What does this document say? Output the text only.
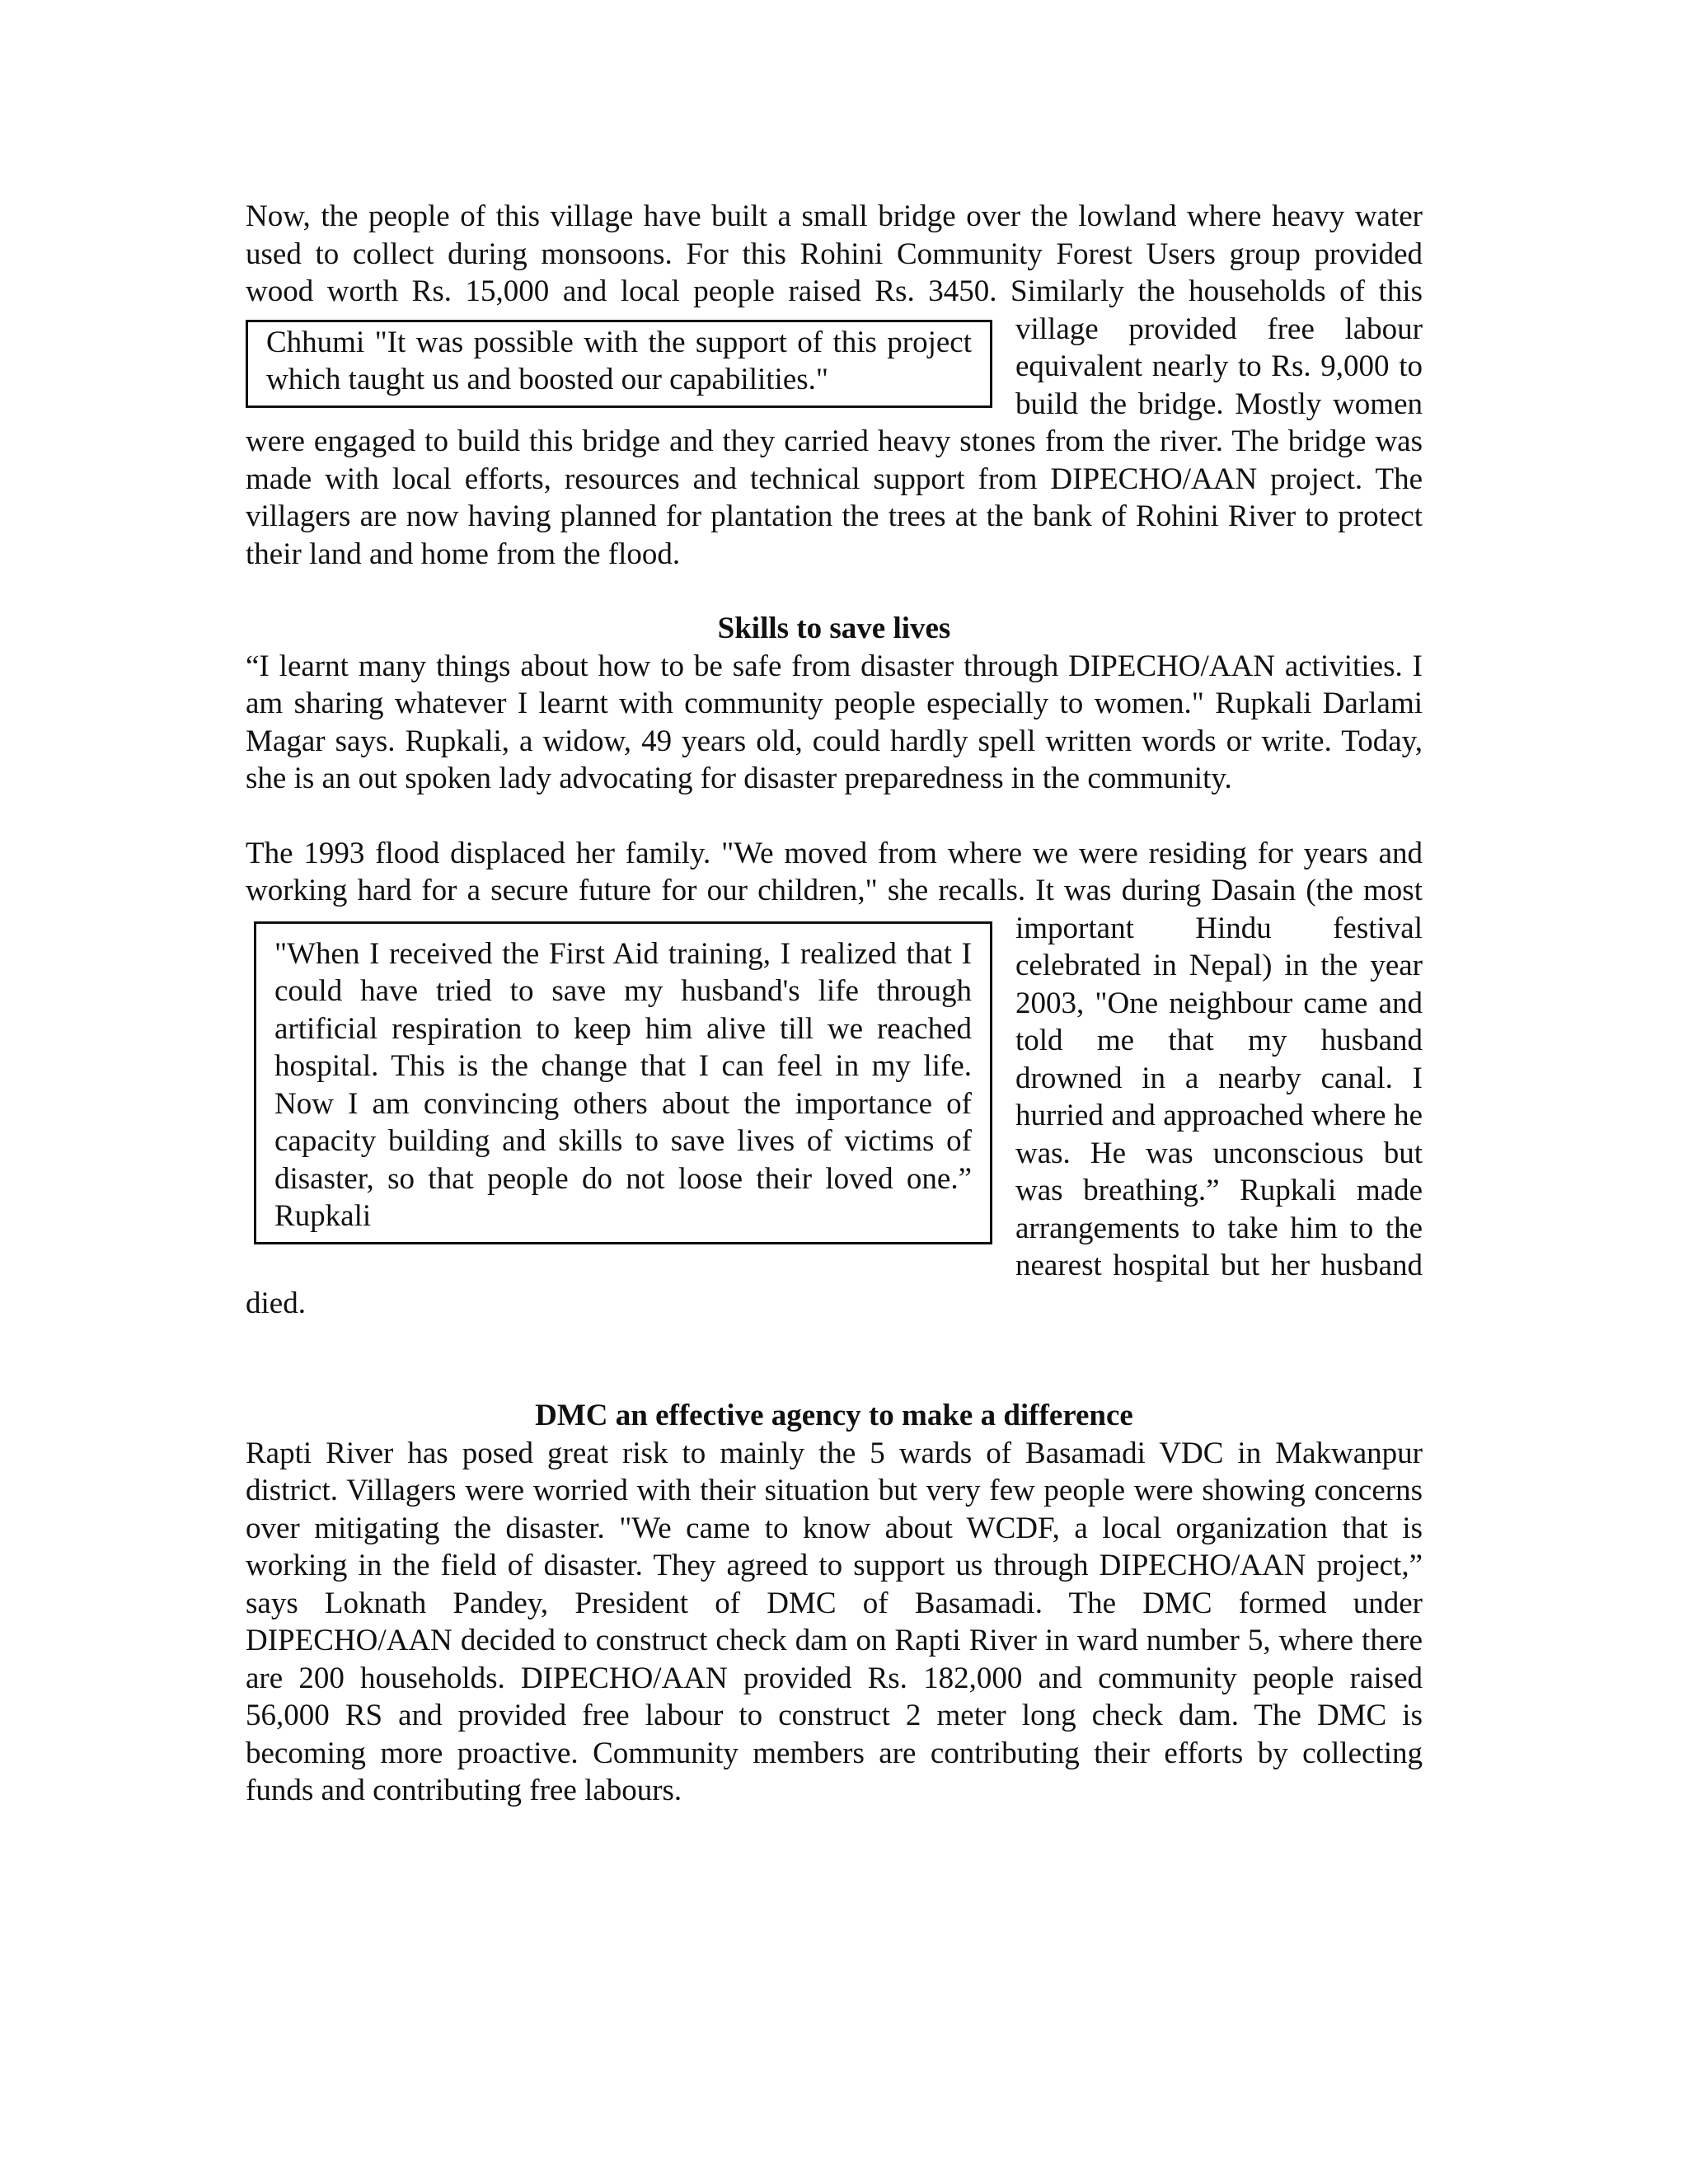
Now, the people of this village have built a small bridge over the lowland where heavy water used to collect during monsoons. For this Rohini Community Forest Users group provided wood worth Rs. 15,000 and local people raised Rs. 3450. Similarly the
Chhumi "It was possible with the support of this project which taught us and boosted our capabilities."
households of this village provided free labour equivalent nearly to Rs. 9,000 to build the bridge. Mostly women were engaged to build this bridge and they carried heavy stones from the river. The bridge was made with local efforts, resources and technical support from DIPECHO/AAN project. The villagers are now having planned for plantation the trees at the bank of Rohini River to protect their land and home from the flood.

Skills to save lives

“I learnt many things about how to be safe from disaster through DIPECHO/AAN activities. I am sharing whatever I learnt with community people especially to women." Rupkali Darlami Magar says. Rupkali, a widow, 49 years old, could hardly spell written words or write. Today, she is an out spoken lady advocating for disaster preparedness in the community.

The 1993 flood displaced her family. "We moved from where we were residing for years and working hard for a secure future for our children," she recalls. It was during Dasain
"When I received the First Aid training, I realized that I could have tried to save my husband's life through artificial respiration to keep him alive till we reached hospital. This is the change that I can feel in my life. Now I am convincing others about the importance of capacity building and skills to save lives of victims of disaster, so that people do not loose their loved one.” Rupkali
(the most important Hindu festival celebrated in Nepal) in the year 2003, "One neighbour came and told me that my husband drowned in a nearby canal. I hurried and approached where he was. He was unconscious but was breathing.” Rupkali made arrangements to take him to the nearest hospital but her husband died.

DMC an effective agency to make a difference

Rapti River has posed great risk to mainly the 5 wards of Basamadi VDC in Makwanpur district. Villagers were worried with their situation but very few people were showing concerns over mitigating the disaster. "We came to know about WCDF, a local organization that is working in the field of disaster. They agreed to support us through DIPECHO/AAN project,” says Loknath Pandey, President of DMC of Basamadi. The DMC formed under DIPECHO/AAN decided to construct check dam on Rapti River in ward number 5, where there are 200 households. DIPECHO/AAN provided Rs. 182,000 and community people raised 56,000 RS and provided free labour to construct 2 meter long check dam. The DMC is becoming more proactive. Community members are contributing their efforts by collecting funds and contributing free labours.
